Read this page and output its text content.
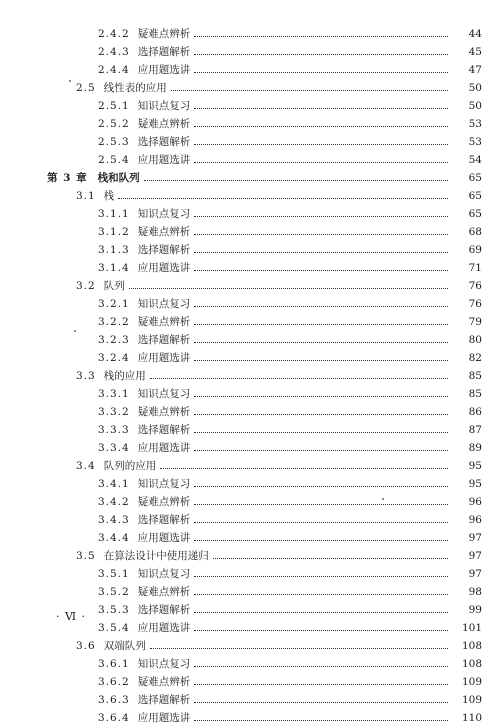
2.4.2 疑难点辨析	44
2.4.3 选择题解析	45
2.4.4 应用题选讲	47
2.5 线性表的应用	50
2.5.1 知识点复习	50
2.5.2 疑难点辨析	53
2.5.3 选择题解析	53
2.5.4 应用题选讲	54
第 3 章 栈和队列	65
3.1 栈	65
3.1.1 知识点复习	65
3.1.2 疑难点辨析	68
3.1.3 选择题解析	69
3.1.4 应用题选讲	71
3.2 队列	76
3.2.1 知识点复习	76
3.2.2 疑难点辨析	79
3.2.3 选择题解析	80
3.2.4 应用题选讲	82
3.3 栈的应用	85
3.3.1 知识点复习	85
3.3.2 疑难点辨析	86
3.3.3 选择题解析	87
3.3.4 应用题选讲	89
3.4 队列的应用	95
3.4.1 知识点复习	95
3.4.2 疑难点辨析	96
3.4.3 选择题解析	96
3.4.4 应用题选讲	97
3.5 在算法设计中使用递归	97
3.5.1 知识点复习	97
3.5.2 疑难点辨析	98
3.5.3 选择题解析	99
3.5.4 应用题选讲	101
3.6 双端队列	108
3.6.1 知识点复习	108
3.6.2 疑难点辨析	109
3.6.3 选择题解析	109
3.6.4 应用题选讲	110
· Ⅵ ·
